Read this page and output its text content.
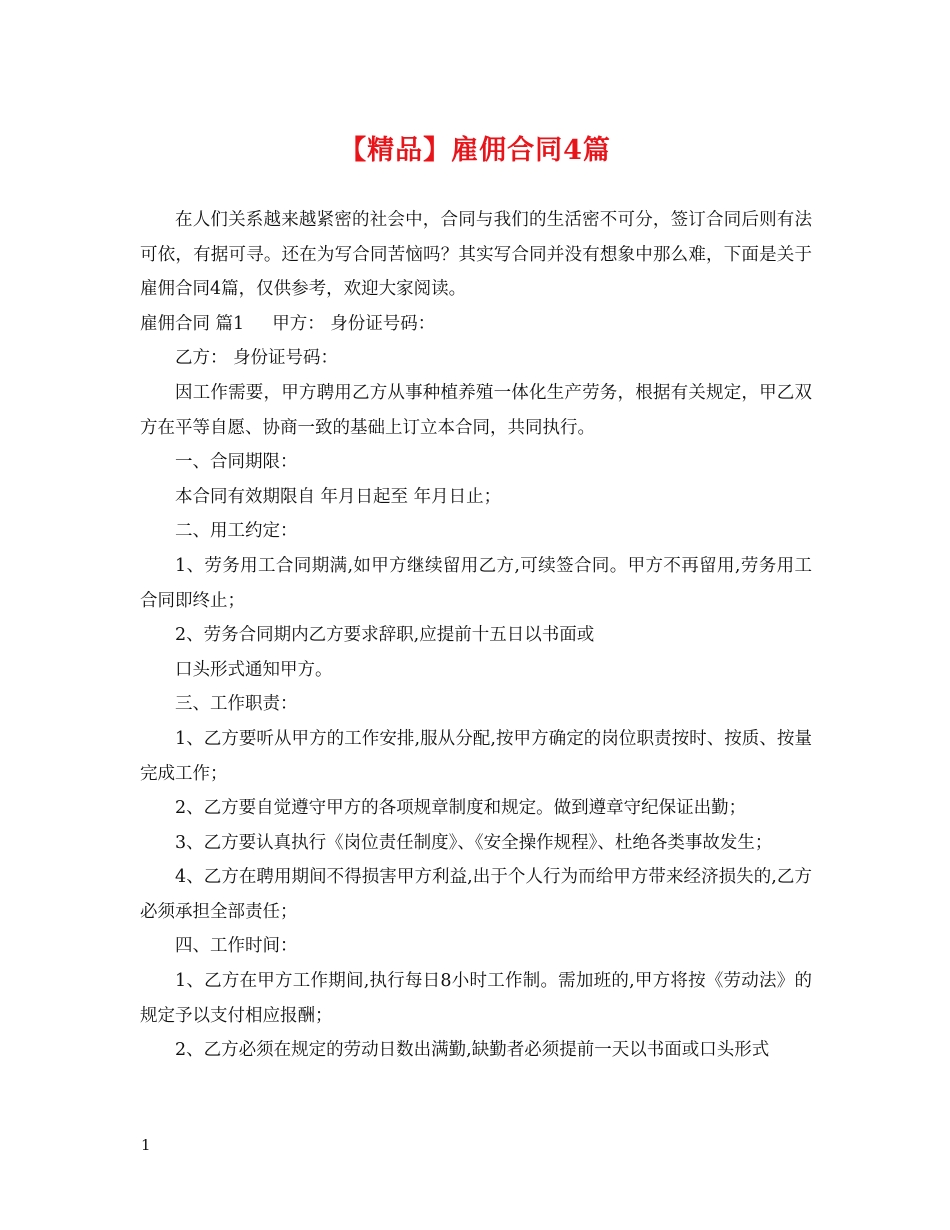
【精品】雇佣合同4篇

在人们关系越来越紧密的社会中，合同与我们的生活密不可分，签订合同后则有法可依，有据可寻。还在为写合同苦恼吗？其实写合同并没有想象中那么难，下面是关于雇佣合同4篇，仅供参考，欢迎大家阅读。

雇佣合同 篇1 甲方： 身份证号码：

乙方： 身份证号码：

因工作需要，甲方聘用乙方从事种植养殖一体化生产劳务，根据有关规定，甲乙双方在平等自愿、协商一致的基础上订立本合同，共同执行。

一、合同期限：

本合同有效期限自 年月日起至 年月日止；

二、用工约定：

1、劳务用工合同期满,如甲方继续留用乙方,可续签合同。甲方不再留用,劳务用工合同即终止；

2、劳务合同期内乙方要求辞职,应提前十五日以书面或

口头形式通知甲方。

三、工作职责：

1、乙方要听从甲方的工作安排,服从分配,按甲方确定的岗位职责按时、按质、按量完成工作；

2、乙方要自觉遵守甲方的各项规章制度和规定。做到遵章守纪保证出勤；

3、乙方要认真执行《岗位责任制度》、《安全操作规程》、杜绝各类事故发生；

4、乙方在聘用期间不得损害甲方利益,出于个人行为而给甲方带来经济损失的,乙方必须承担全部责任；

四、工作时间：

1、乙方在甲方工作期间,执行每日8小时工作制。需加班的,甲方将按《劳动法》的规定予以支付相应报酬；

2、乙方必须在规定的劳动日数出满勤,缺勤者必须提前一天以书面或口头形式

1
